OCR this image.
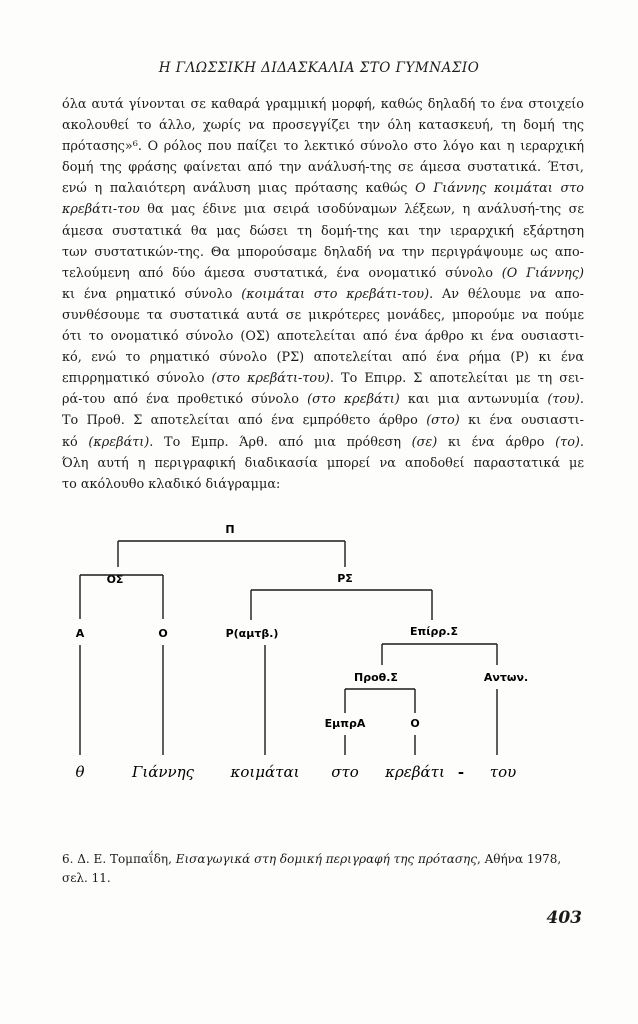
Η ΓΛΩΣΣΙΚΗ ΔΙΔΑΣΚΑΛΙΑ ΣΤΟ ΓΥΜΝΑΣΙΟ
όλα αυτά γίνονται σε καθαρά γραμμική μορφή, καθώς δηλαδή το ένα στοιχείο
ακολουθεί το άλλο, χωρίς να προσεγγίζει την όλη κατασκευή, τη δομή της
πρότασης»⁶. Ο ρόλος που παίζει το λεκτικό σύνολο στο λόγο και η ιεραρχική
δομή της φράσης φαίνεται από την ανάλυσή-της σε άμεσα συστατικά. Έτσι,
ενώ η παλαιότερη ανάλυση μιας πρότασης καθώς Ο Γιάννης κοιμάται στο
κρεβάτι-του θα μας έδινε μια σειρά ισοδύναμων λέξεων, η ανάλυσή-της σε
άμεσα συστατικά θα μας δώσει τη δομή-της και την ιεραρχική εξάρτηση
των συστατικών-της. Θα μπορούσαμε δηλαδή να την περιγράψουμε ως απο-
τελούμενη από δύο άμεσα συστατικά, ένα ονοματικό σύνολο (Ο Γιάννης)
κι ένα ρηματικό σύνολο (κοιμάται στο κρεβάτι-του). Αν θέλουμε να απο-
συνθέσουμε τα συστατικά αυτά σε μικρότερες μονάδες, μπορούμε να πούμε
ότι το ονοματικό σύνολο (ΟΣ) αποτελείται από ένα άρθρο κι ένα ουσιαστι-
κό, ενώ το ρηματικό σύνολο (ΡΣ) αποτελείται από ένα ρήμα (Ρ) κι ένα
επιρρηματικό σύνολο (στο κρεβάτι-του). Το Επιρρ. Σ αποτελείται με τη σει-
ρά-του από ένα προθετικό σύνολο (στο κρεβάτι) και μια αντωνυμία (του).
Το Προθ. Σ αποτελείται από ένα εμπρόθετο άρθρο (στο) κι ένα ουσιαστι-
κό (κρεβάτι). Το Εμπρ. Άρθ. από μια πρόθεση (σε) κι ένα άρθρο (το).
Όλη αυτή η περιγραφική διαδικασία μπορεί να αποδοθεί παραστατικά με
το ακόλουθο κλαδικό διάγραμμα:
Π
ΟΣ	ΡΣ
Α	Ο	Ρ(αμτβ.)	Επίρρ.Σ
Προθ.Σ	Αντων.
ΕμπρΑ	Ο
θ	Γιάννης κοιμάται στο κρεβάτι - του
6. Δ. Ε. Τομπαΐδη, Εισαγωγικά στη δομική περιγραφή της πρότασης, Αθήνα 1978,
σελ. 11.
403
